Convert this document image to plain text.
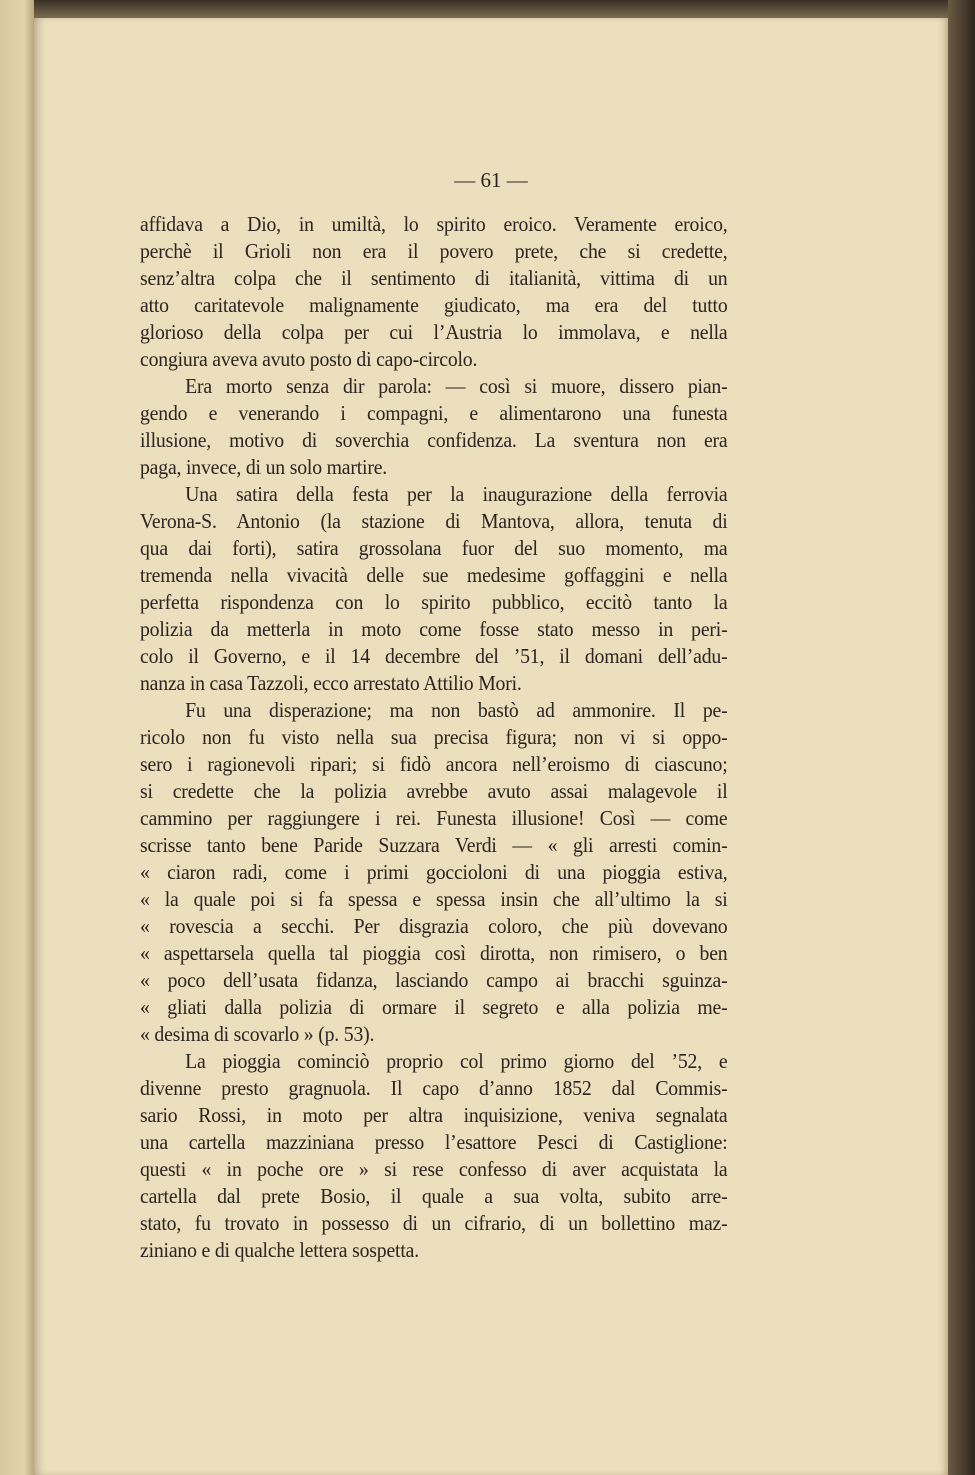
— 61 —
affidava a Dio, in umiltà, lo spirito eroico. Veramente eroico,
perchè il Grioli non era il povero prete, che si credette,
senz’altra colpa che il sentimento di italianità, vittima di un
atto caritatevole malignamente giudicato, ma era del tutto
glorioso della colpa per cui l’Austria lo immolava, e nella
congiura aveva avuto posto di capo-circolo.
Era morto senza dir parola: — così si muore, dissero pian-
gendo e venerando i compagni, e alimentarono una funesta
illusione, motivo di soverchia confidenza. La sventura non era
paga, invece, di un solo martire.
Una satira della festa per la inaugurazione della ferrovia
Verona-S. Antonio (la stazione di Mantova, allora, tenuta di
qua dai forti), satira grossolana fuor del suo momento, ma
tremenda nella vivacità delle sue medesime goffaggini e nella
perfetta rispondenza con lo spirito pubblico, eccitò tanto la
polizia da metterla in moto come fosse stato messo in peri-
colo il Governo, e il 14 decembre del ’51, il domani dell’adu-
nanza in casa Tazzoli, ecco arrestato Attilio Mori.
Fu una disperazione; ma non bastò ad ammonire. Il pe-
ricolo non fu visto nella sua precisa figura; non vi si oppo-
sero i ragionevoli ripari; si fidò ancora nell’eroismo di ciascuno;
si credette che la polizia avrebbe avuto assai malagevole il
cammino per raggiungere i rei. Funesta illusione! Così — come
scrisse tanto bene Paride Suzzara Verdi — « gli arresti comin-
« ciaron radi, come i primi goccioloni di una pioggia estiva,
« la quale poi si fa spessa e spessa insin che all’ultimo la si
« rovescia a secchi. Per disgrazia coloro, che più dovevano
« aspettarsela quella tal pioggia così dirotta, non rimisero, o ben
« poco dell’usata fidanza, lasciando campo ai bracchi sguinza-
« gliati dalla polizia di ormare il segreto e alla polizia me-
« desima di scovarlo » (p. 53).
La pioggia cominciò proprio col primo giorno del ’52, e
divenne presto gragnuola. Il capo d’anno 1852 dal Commis-
sario Rossi, in moto per altra inquisizione, veniva segnalata
una cartella mazziniana presso l’esattore Pesci di Castiglione:
questi « in poche ore » si rese confesso di aver acquistata la
cartella dal prete Bosio, il quale a sua volta, subito arre-
stato, fu trovato in possesso di un cifrario, di un bollettino maz-
ziniano e di qualche lettera sospetta.
